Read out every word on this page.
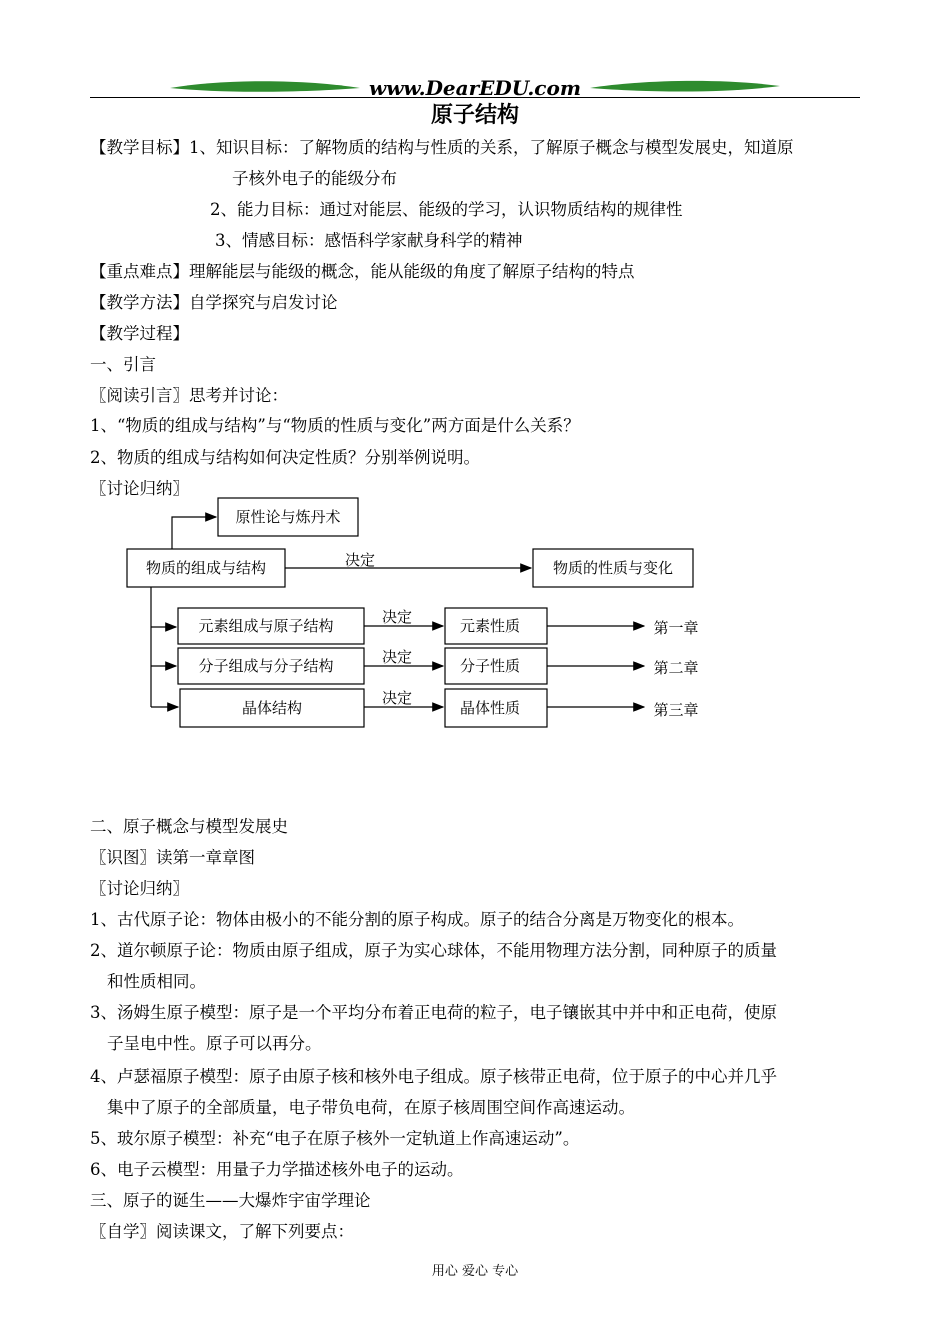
www.DearEDU.com
原子结构
【教学目标】1、知识目标：了解物质的结构与性质的关系，了解原子概念与模型发展史，知道原
子核外电子的能级分布
2、能力目标：通过对能层、能级的学习，认识物质结构的规律性
3、情感目标：感悟科学家献身科学的精神
【重点难点】理解能层与能级的概念，能从能级的角度了解原子结构的特点
【教学方法】自学探究与启发讨论
【教学过程】
一、引言
〖阅读引言〗思考并讨论：
1、“物质的组成与结构”与“物质的性质与变化”两方面是什么关系？
2、物质的组成与结构如何决定性质？分别举例说明。
〖讨论归纳〗
原性论与炼丹术
物质的组成与结构	决定	物质的性质与变化
元素组成与原子结构	决定	元素性质	第一章
分子组成与分子结构	决定	分子性质	第二章
晶体结构
决定
晶体性质	第三章
二、原子概念与模型发展史
〖识图〗读第一章章图
〖讨论归纳〗
1、古代原子论：物体由极小的不能分割的原子构成。原子的结合分离是万物变化的根本。
2、道尔顿原子论：物质由原子组成，原子为实心球体，不能用物理方法分割，同种原子的质量
和性质相同。
3、汤姆生原子模型：原子是一个平均分布着正电荷的粒子，电子镶嵌其中并中和正电荷，使原
子呈电中性。原子可以再分。
4、卢瑟福原子模型：原子由原子核和核外电子组成。原子核带正电荷，位于原子的中心并几乎
集中了原子的全部质量，电子带负电荷，在原子核周围空间作高速运动。
5、玻尔原子模型：补充“电子在原子核外一定轨道上作高速运动”。
6、电子云模型：用量子力学描述核外电子的运动。
三、原子的诞生——大爆炸宇宙学理论
〖自学〗阅读课文，了解下列要点：
用心 爱心 专心
